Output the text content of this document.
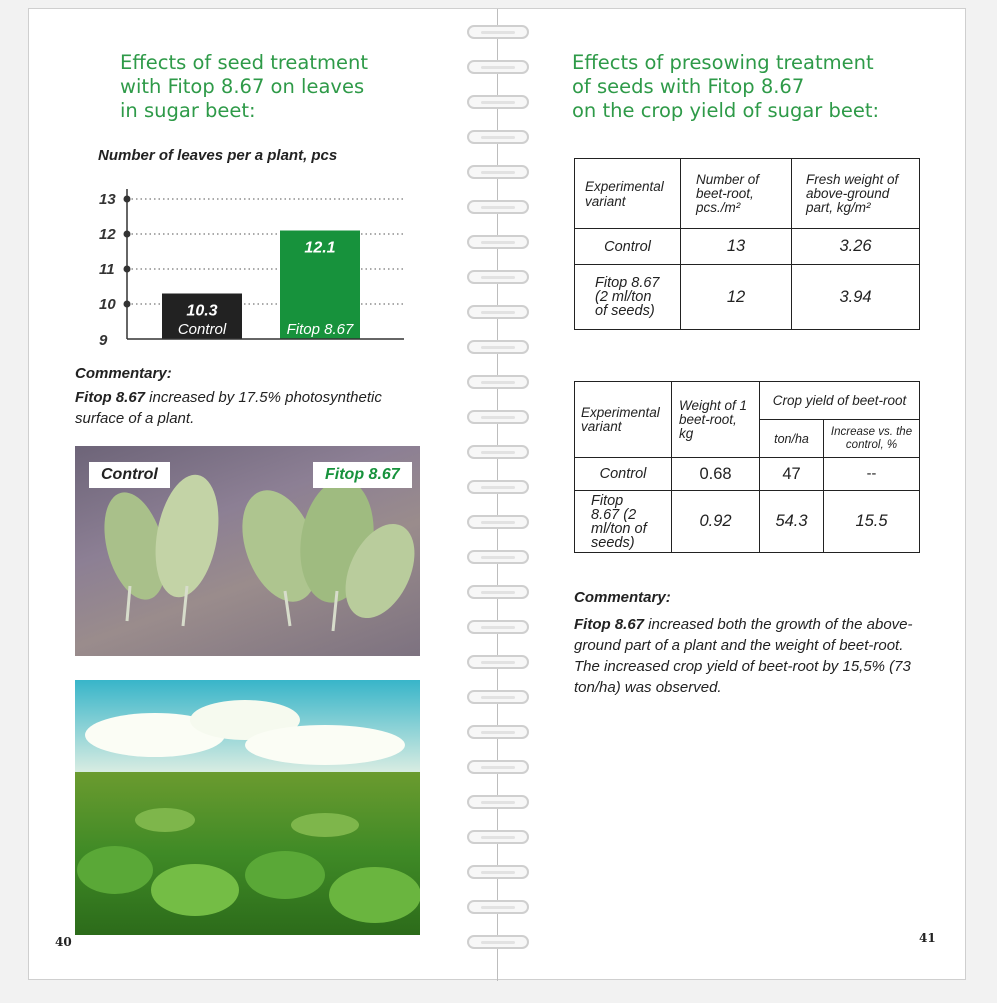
Effects of seed treatment
with Fitop 8.67 on leaves
in sugar beet:
Number of leaves per a plant, pcs
9
10
11
12
13
10.3
Control
12.1
Fitop 8.67
Commentary:
Fitop 8.67 increased by 17.5% photosynthetic surface of a plant.
Control	Fitop 8.67
40
Effects of presowing treatment
of seeds with Fitop 8.67
on the crop yield of sugar beet:
Experimental variant	Number of beet-root, pcs./m²	Fresh weight of above-ground part, kg/m²
Control	13	3.26
Fitop 8.67 (2 ml/ton of seeds)	12	3.94
Experimental variant	Weight of 1 beet-root, kg	Crop yield of beet-root	
		ton/ha	Increase vs. the control, %
Control	0.68	47	--
Fitop 8.67 (2 ml/ton of seeds)	0.92	54.3	15.5
Commentary:
Fitop 8.67 increased both the growth of the above-ground part of a plant and the weight of beet-root. The increased crop yield of beet-root by 15,5% (73 ton/ha) was observed.
41
